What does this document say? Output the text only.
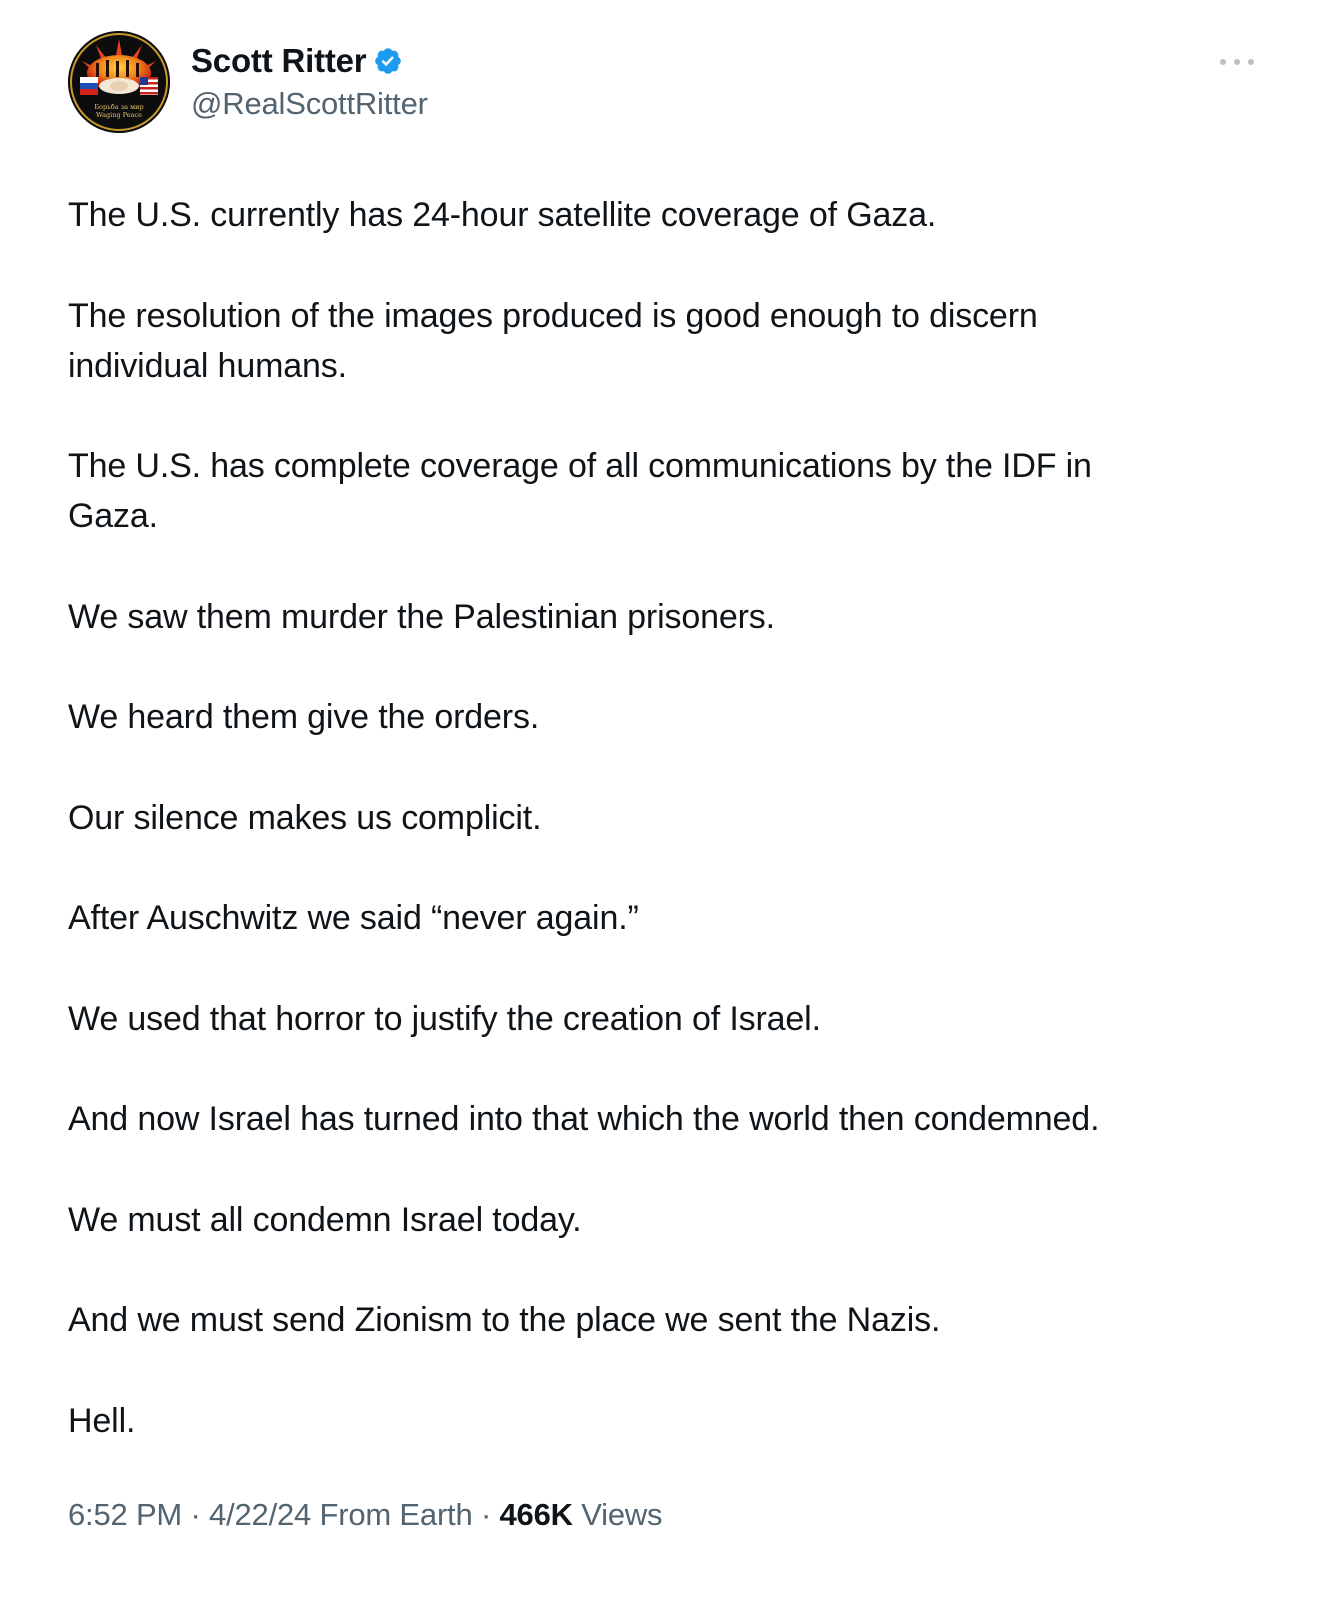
Борьба за мир
Waging Peace
Scott Ritter
@RealScottRitter

The U.S. currently has 24-hour satellite coverage of Gaza.

The resolution of the images produced is good enough to discern
individual humans.

The U.S. has complete coverage of all communications by the IDF in
Gaza.

We saw them murder the Palestinian prisoners.

We heard them give the orders.

Our silence makes us complicit.

After Auschwitz we said “never again.”

We used that horror to justify the creation of Israel.

And now Israel has turned into that which the world then condemned.

We must all condemn Israel today.

And we must send Zionism to the place we sent the Nazis.

Hell.

6:52 PM · 4/22/24 From Earth · 466K Views
